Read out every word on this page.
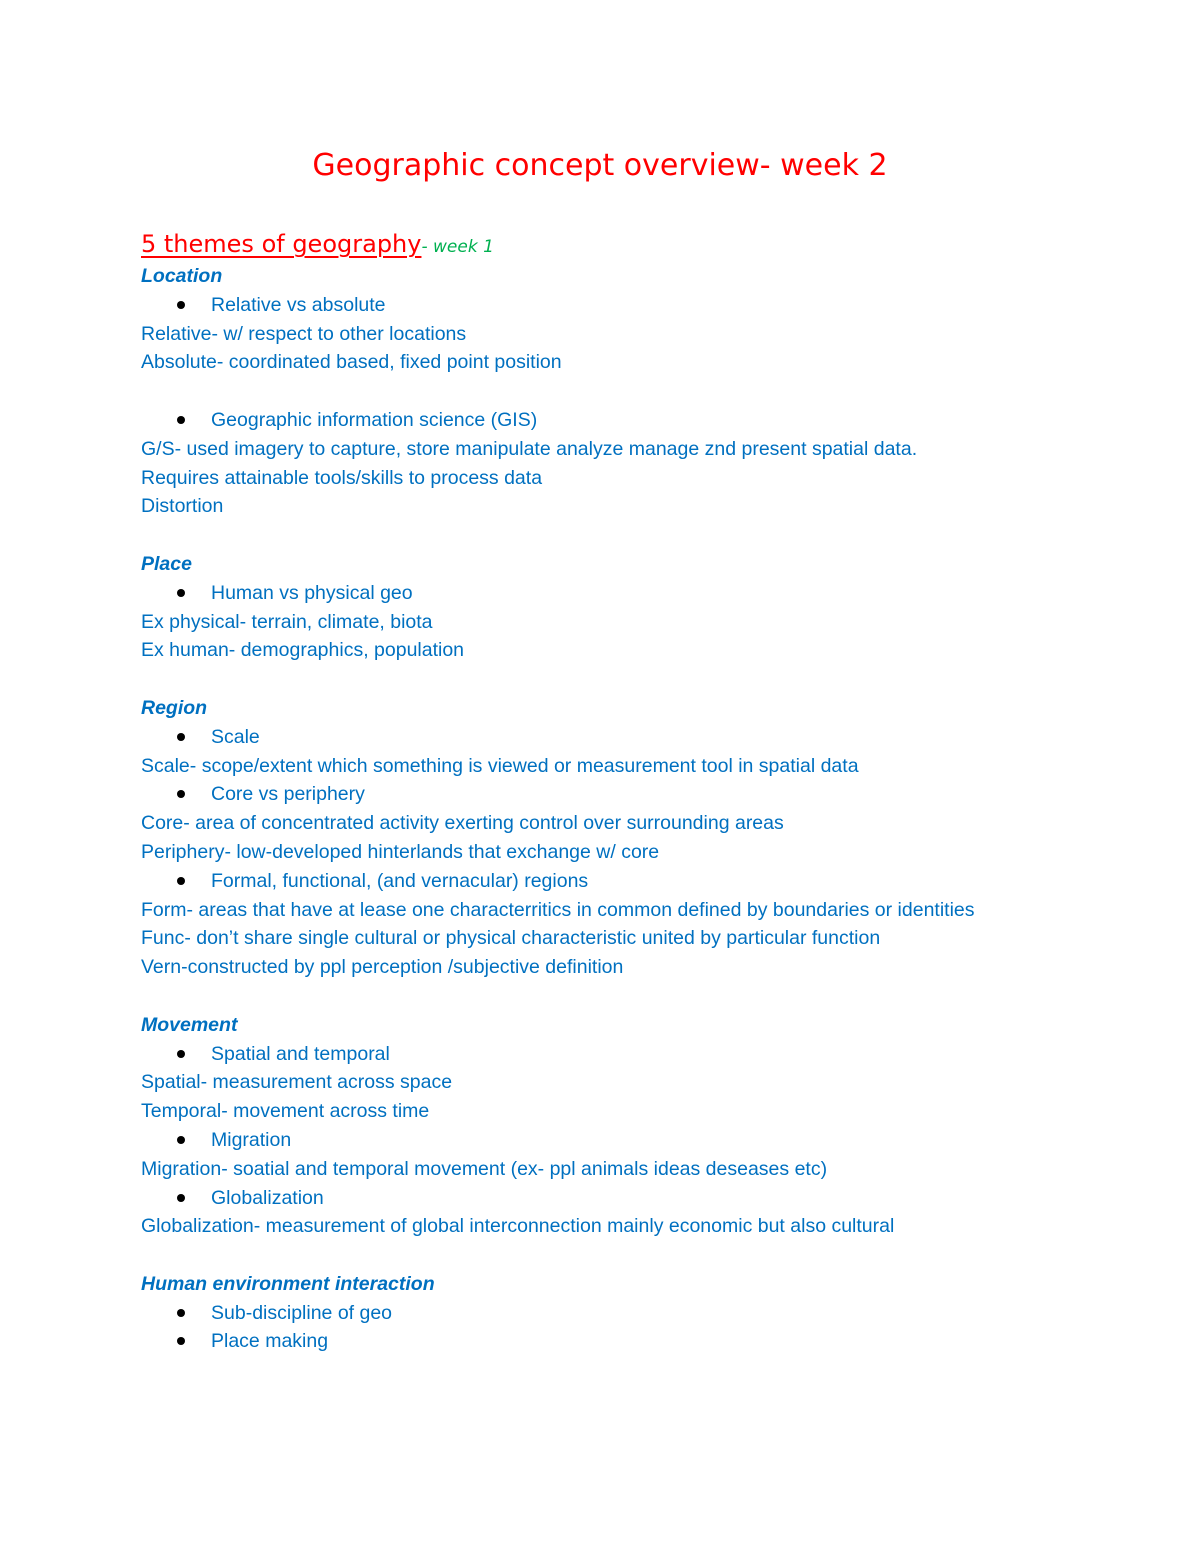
Geographic concept overview- week 2
5 themes of geography- week 1
Location
Relative vs absolute
Relative- w/ respect to other locations
Absolute- coordinated based, fixed point position
Geographic information science (GIS)
G/S- used imagery to capture, store manipulate analyze manage znd present spatial data.
Requires attainable tools/skills to process data
Distortion
Place
Human vs physical geo
Ex physical- terrain, climate, biota
Ex human- demographics, population
Region
Scale
Scale- scope/extent which something is viewed or measurement tool in spatial data
Core vs periphery
Core- area of concentrated activity exerting control over surrounding areas
Periphery- low-developed hinterlands that exchange w/ core
Formal, functional, (and vernacular) regions
Form- areas that have at lease one characterritics in common defined by boundaries or identities
Func- don’t share single cultural or physical characteristic united by particular function
Vern-constructed by ppl perception /subjective definition
Movement
Spatial and temporal
Spatial- measurement across space
Temporal- movement across time
Migration
Migration- soatial and temporal movement (ex- ppl animals ideas deseases etc)
Globalization
Globalization- measurement of global interconnection mainly economic but also cultural
Human environment interaction
Sub-discipline of geo
Place making
